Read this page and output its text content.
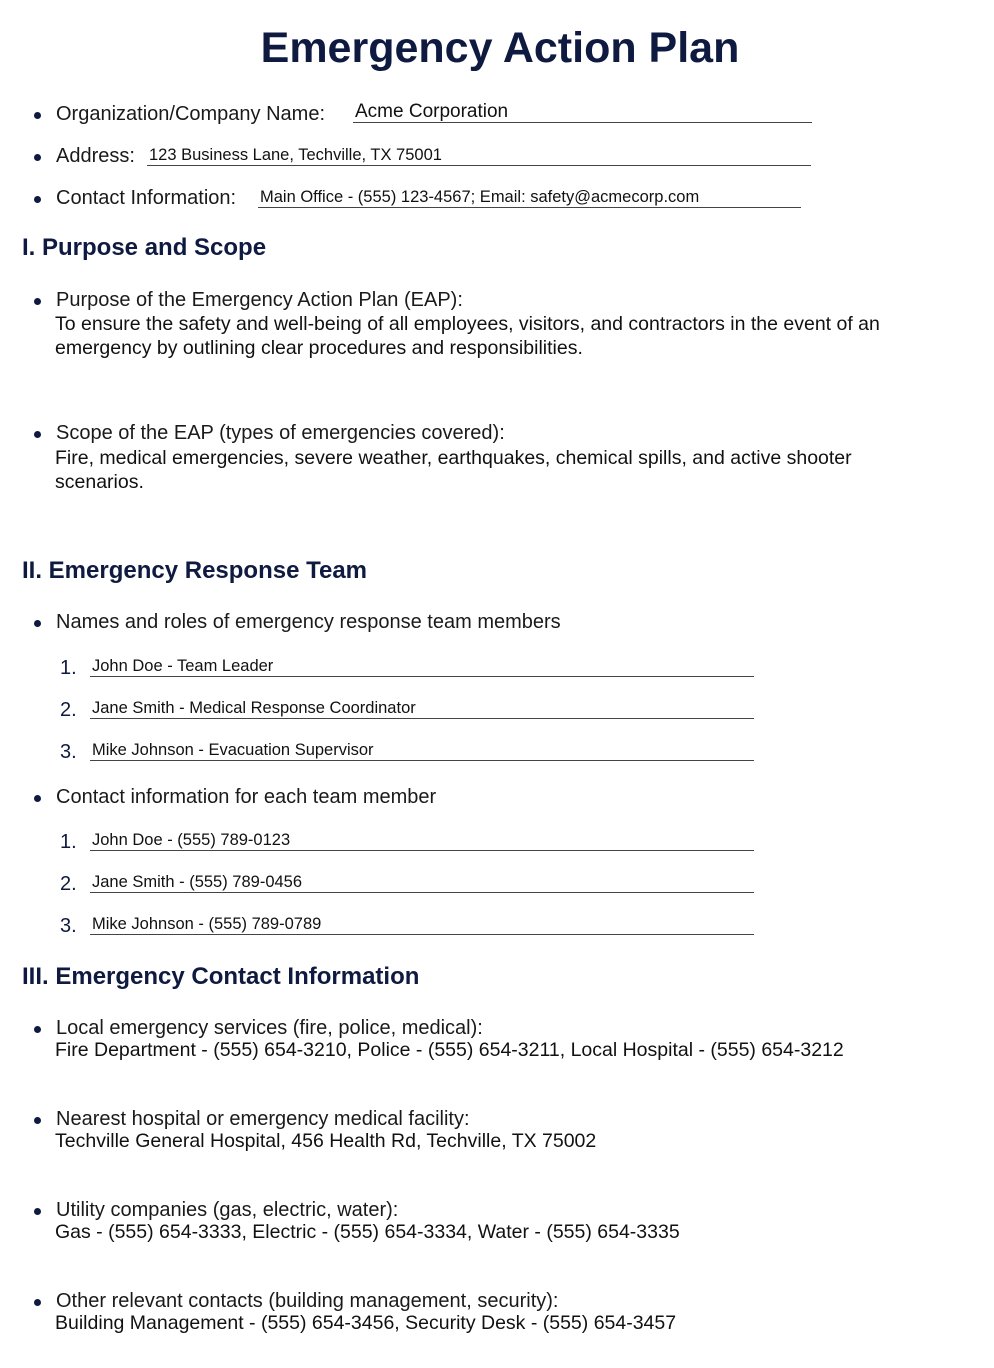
Emergency Action Plan
Organization/Company Name: Acme Corporation
Address: 123 Business Lane, Techville, TX 75001
Contact Information: Main Office - (555) 123-4567; Email: safety@acmecorp.com
I. Purpose and Scope
Purpose of the Emergency Action Plan (EAP):
To ensure the safety and well-being of all employees, visitors, and contractors in the event of an emergency by outlining clear procedures and responsibilities.
Scope of the EAP (types of emergencies covered):
Fire, medical emergencies, severe weather, earthquakes, chemical spills, and active shooter scenarios.
II. Emergency Response Team
Names and roles of emergency response team members
1. John Doe - Team Leader
2. Jane Smith - Medical Response Coordinator
3. Mike Johnson - Evacuation Supervisor
Contact information for each team member
1. John Doe - (555) 789-0123
2. Jane Smith - (555) 789-0456
3. Mike Johnson - (555) 789-0789
III. Emergency Contact Information
Local emergency services (fire, police, medical):
Fire Department - (555) 654-3210, Police - (555) 654-3211, Local Hospital - (555) 654-3212
Nearest hospital or emergency medical facility:
Techville General Hospital, 456 Health Rd, Techville, TX 75002
Utility companies (gas, electric, water):
Gas - (555) 654-3333, Electric - (555) 654-3334, Water - (555) 654-3335
Other relevant contacts (building management, security):
Building Management - (555) 654-3456, Security Desk - (555) 654-3457
